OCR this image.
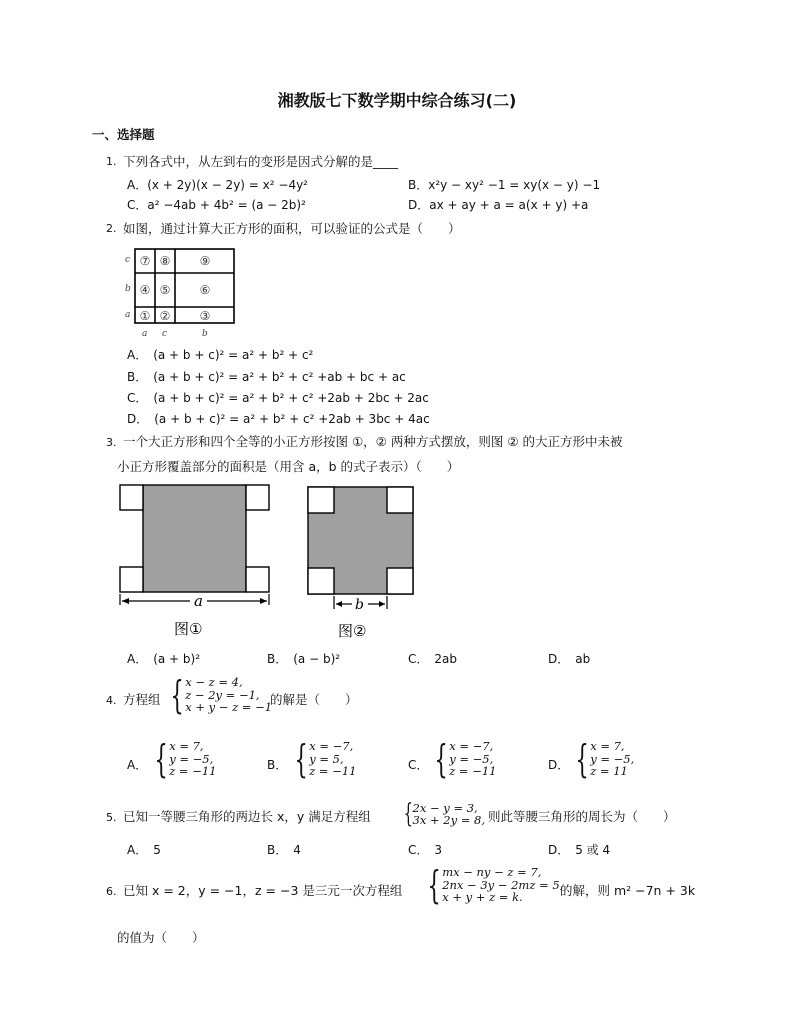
湘教版七下数学期中综合练习(二)
一、选择题
1. 下列各式中，从左到右的变形是因式分解的是____
A．(x + 2y)(x − 2y) = x² −4y²	B．x²y − xy² −1 = xy(x − y) −1
C．a² −4ab + 4b² = (a − 2b)²	D．ax + ay + a = a(x + y) +a
2. 如图，通过计算大正方形的面积，可以验证的公式是（　　）
c
b
a
a c	b
⑦ ⑧ ⑨
④ ⑤ ⑥
① ② ③
A．　(a + b + c)² = a² + b² + c²
B．　(a + b + c)² = a² + b² + c² +ab + bc + ac
C．　(a + b + c)² = a² + b² + c² +2ab + 2bc + 2ac
D．　(a + b + c)² = a² + b² + c² +2ab + 3bc + 4ac
3. 一个大正方形和四个全等的小正方形按图 ①，② 两种方式摆放，则图 ② 的大正方形中未被
小正方形覆盖部分的面积是（用含 a，b 的式子表示）（　　）
a
图①
b
图②
A．　(a + b)²	B．　(a − b)²	C．　2ab	D．　ab
4. 方程组 { x − z = 4,
z − 2y = −1,
x + y − z = −1
的解是（　　）
A． { x = 7,
y = −5,
z = −11	B． { x = −7,
y = 5,
z = −11	C． { x = −7,
y = −5,
z = −11	D． { x = 7,
y = −5,
z = 11
5. 已知一等腰三角形的两边长 x，y 满足方程组 { 2x − y = 3,
3x + 2y = 8, 则此等腰三角形的周长为（　　）
A．　5	B．　4	C．　3	D．　5 或 4
6. 已知 x = 2，y = −1，z = −3 是三元一次方程组 { mx − ny − z = 7,
2nx − 3y − 2mz = 5,
x + y + z = k.	的解，则 m² −7n + 3k
的值为（　　）
